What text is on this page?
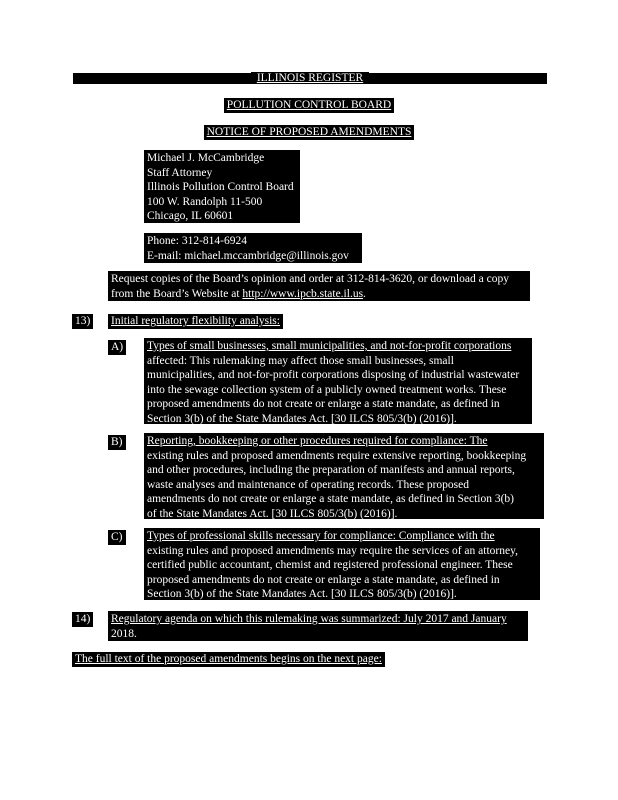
ILLINOIS REGISTER
POLLUTION CONTROL BOARD
NOTICE OF PROPOSED AMENDMENTS
Michael J. McCambridge
Staff Attorney
Illinois Pollution Control Board
100 W. Randolph 11-500
Chicago, IL 60601
Phone: 312-814-6924
E-mail: michael.mccambridge@illinois.gov
Request copies of the Board’s opinion and order at 312-814-3620, or download a copy
from the Board’s Website at http://www.ipcb.state.il.us.
13) Initial regulatory flexibility analysis:
A) Types of small businesses, small municipalities, and not-for-profit corporations
affected: This rulemaking may affect those small businesses, small
municipalities, and not-for-profit corporations disposing of industrial wastewater
into the sewage collection system of a publicly owned treatment works. These
proposed amendments do not create or enlarge a state mandate, as defined in
Section 3(b) of the State Mandates Act. [30 ILCS 805/3(b) (2016)].
B) Reporting, bookkeeping or other procedures required for compliance: The
existing rules and proposed amendments require extensive reporting, bookkeeping
and other procedures, including the preparation of manifests and annual reports,
waste analyses and maintenance of operating records. These proposed
amendments do not create or enlarge a state mandate, as defined in Section 3(b)
of the State Mandates Act. [30 ILCS 805/3(b) (2016)].
C) Types of professional skills necessary for compliance: Compliance with the
existing rules and proposed amendments may require the services of an attorney,
certified public accountant, chemist and registered professional engineer. These
proposed amendments do not create or enlarge a state mandate, as defined in
Section 3(b) of the State Mandates Act. [30 ILCS 805/3(b) (2016)].
14) Regulatory agenda on which this rulemaking was summarized: July 2017 and January
2018.
The full text of the proposed amendments begins on the next page:
